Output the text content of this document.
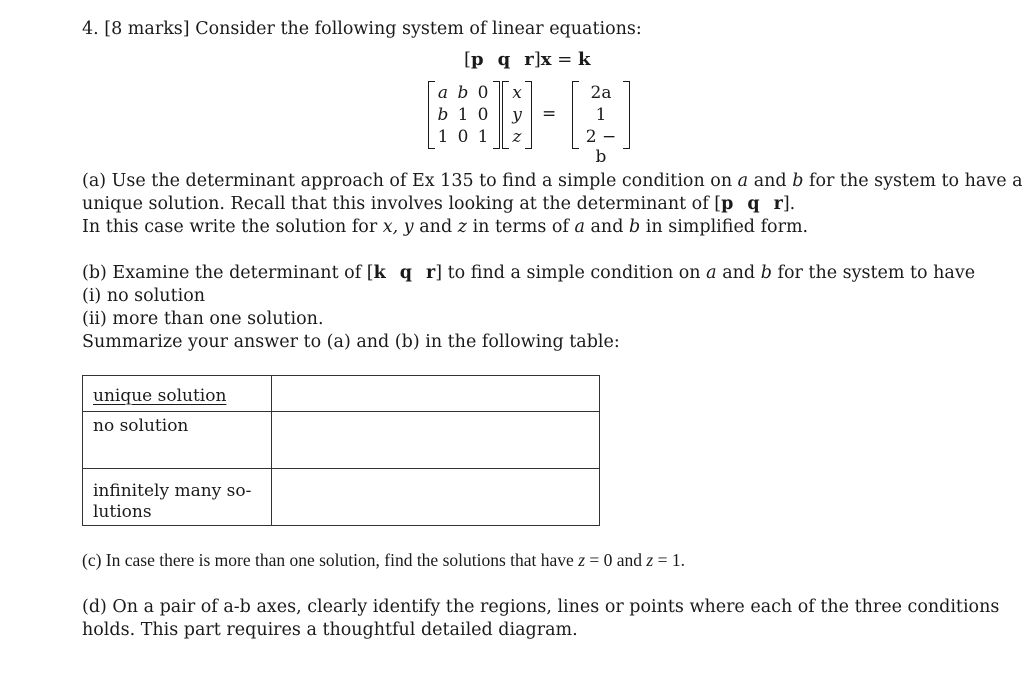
4. [8 marks] Consider the following system of linear equations:
[p q r]x = k
a b 0
b 1 0
1 0 1
x
y
z
=
2a
1
2 − b
(a) Use the determinant approach of Ex 135 to find a simple condition on a and b for the system to have a
unique solution. Recall that this involves looking at the determinant of [p q r].
In this case write the solution for x, y and z in terms of a and b in simplified form.
(b) Examine the determinant of [k q r] to find a simple condition on a and b for the system to have
(i) no solution
(ii) more than one solution.
Summarize your answer to (a) and (b) in the following table:
unique solution	
no solution	

infinitely many so-
lutions	

(c) In case there is more than one solution, find the solutions that have z = 0 and z = 1.
(d) On a pair of a-b axes, clearly identify the regions, lines or points where each of the three conditions
holds. This part requires a thoughtful detailed diagram.
